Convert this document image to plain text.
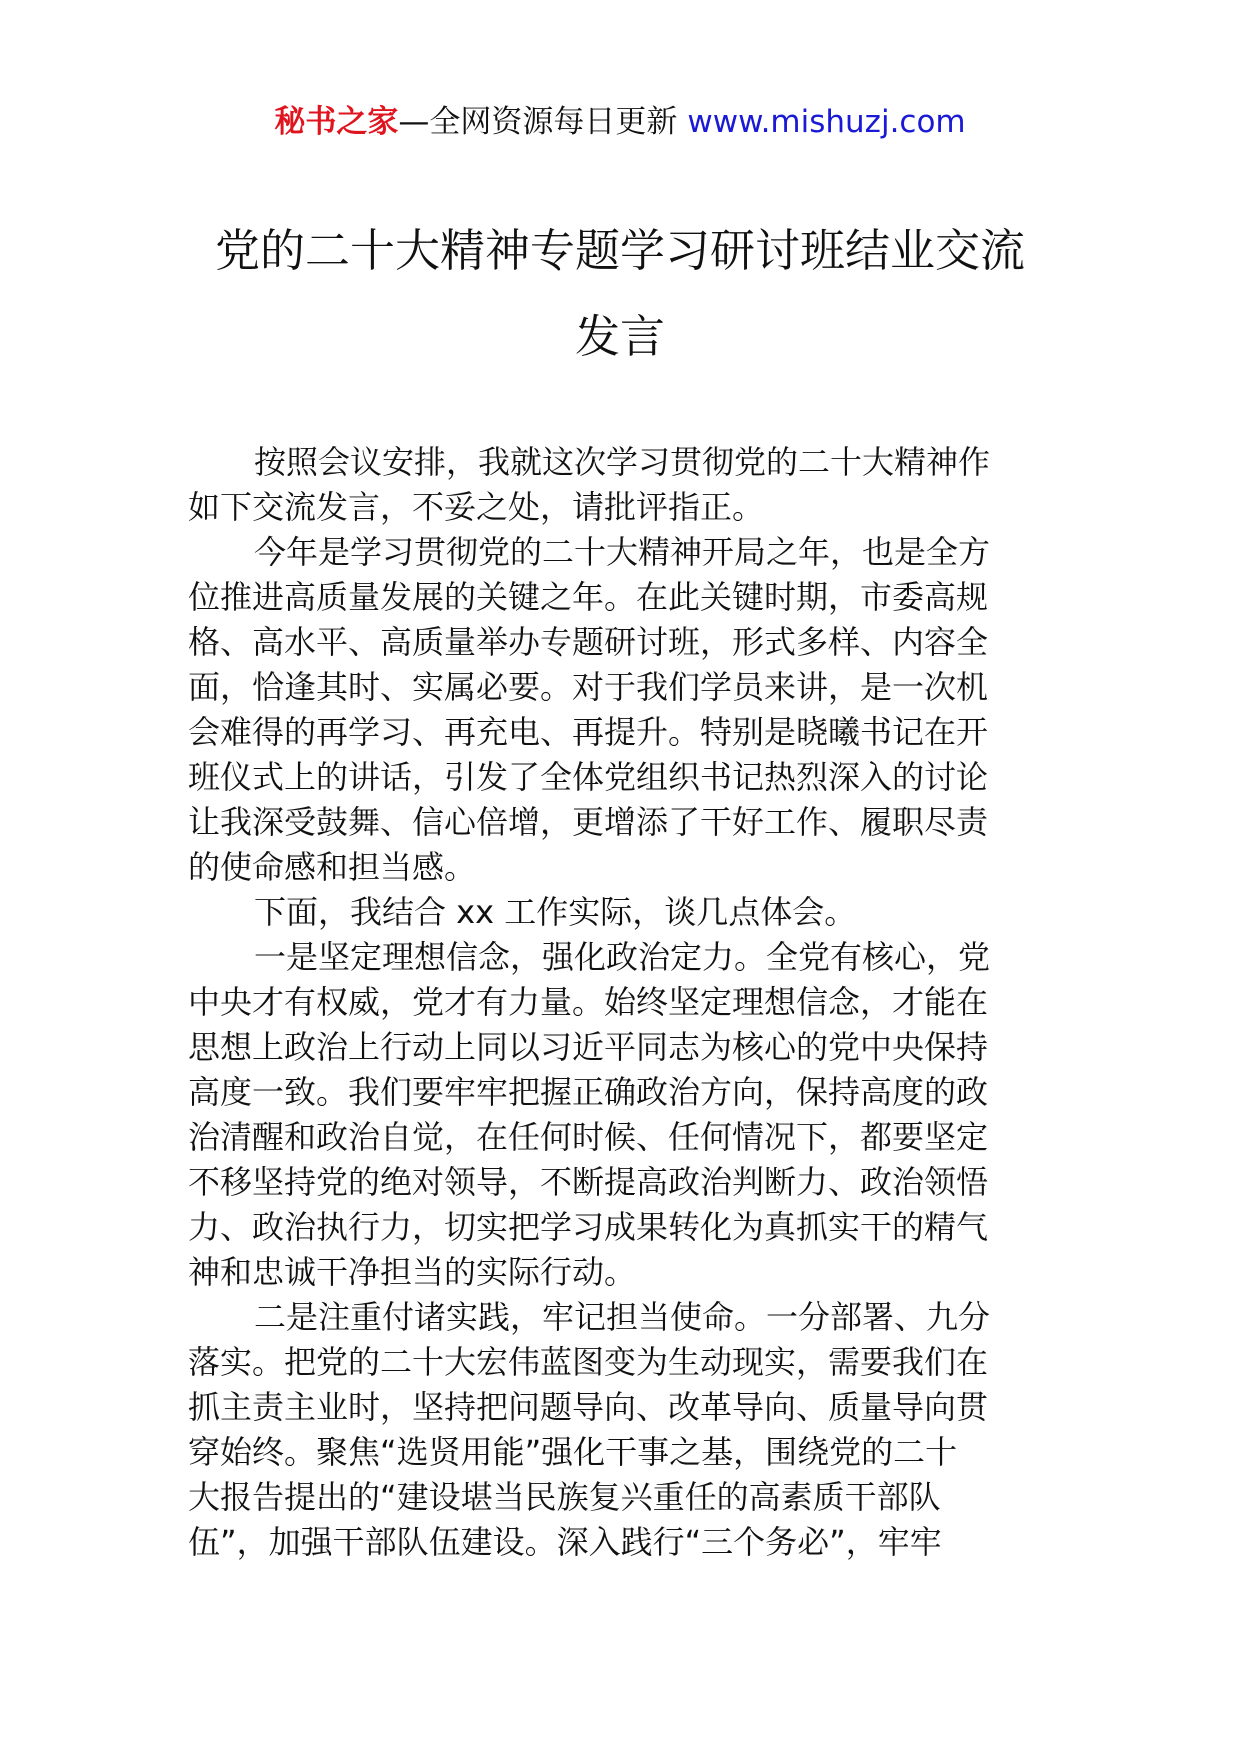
秘书之家—全网资源每日更新 www.mishuzj.com
党的二十大精神专题学习研讨班结业交流
发言
按照会议安排，我就这次学习贯彻党的二十大精神作
如下交流发言，不妥之处，请批评指正。
今年是学习贯彻党的二十大精神开局之年，也是全方
位推进高质量发展的关键之年。在此关键时期，市委高规
格、高水平、高质量举办专题研讨班，形式多样、内容全
面，恰逢其时、实属必要。对于我们学员来讲，是一次机
会难得的再学习、再充电、再提升。特别是晓曦书记在开
班仪式上的讲话，引发了全体党组织书记热烈深入的讨论
让我深受鼓舞、信心倍增，更增添了干好工作、履职尽责
的使命感和担当感。
下面，我结合 xx 工作实际，谈几点体会。
一是坚定理想信念，强化政治定力。全党有核心，党
中央才有权威，党才有力量。始终坚定理想信念，才能在
思想上政治上行动上同以习近平同志为核心的党中央保持
高度一致。我们要牢牢把握正确政治方向，保持高度的政
治清醒和政治自觉，在任何时候、任何情况下，都要坚定
不移坚持党的绝对领导，不断提高政治判断力、政治领悟
力、政治执行力，切实把学习成果转化为真抓实干的精气
神和忠诚干净担当的实际行动。
二是注重付诸实践，牢记担当使命。一分部署、九分
落实。把党的二十大宏伟蓝图变为生动现实，需要我们在
抓主责主业时，坚持把问题导向、改革导向、质量导向贯
穿始终。聚焦“选贤用能”强化干事之基，围绕党的二十
大报告提出的“建设堪当民族复兴重任的高素质干部队
伍”，加强干部队伍建设。深入践行“三个务必”，牢牢
